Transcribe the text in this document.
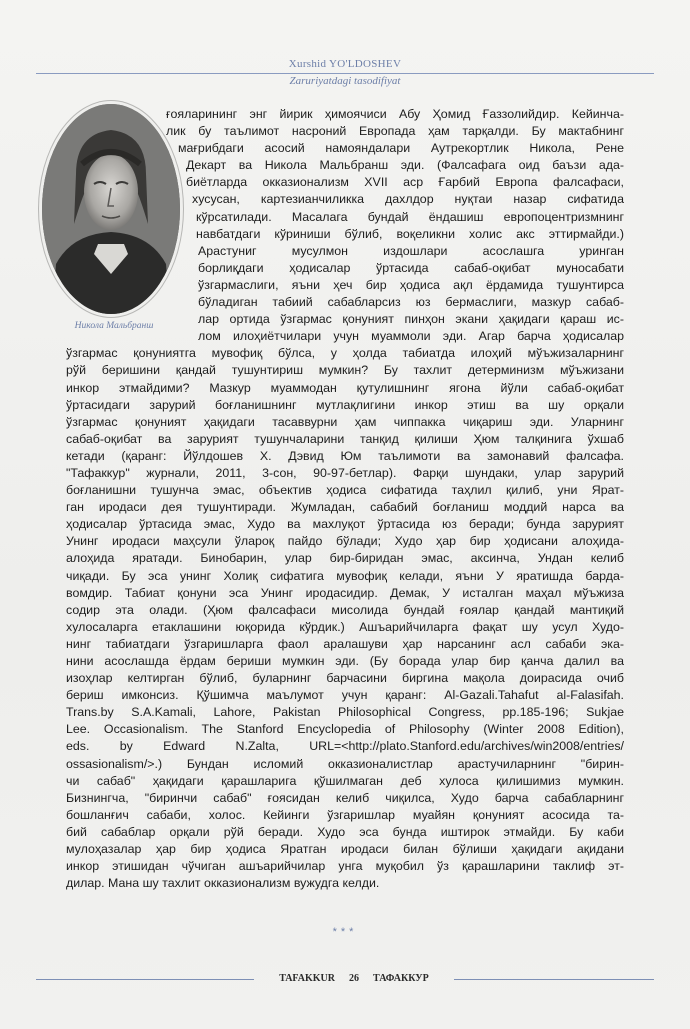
Xurshid YO'LDOSHEV
Zaruriyatdagi tasodifiyat
Никола Мальбранш
ғояларининг энг йирик ҳимоячиси Абу Ҳомид Ғаззолийдир. Кейинча-
лик бу таълимот насроний Европада ҳам тарқалди. Бу мактабнинг
мағрибдаги асосий намояндалари Аутрекортлик Никола, Рене
Декарт ва Никола Мальбранш эди. (Фалсафага оид баъзи ада-
биётларда окказионализм XVII аср Ғарбий Европа фалсафаси,
хусусан, картезианчиликка дахлдор нуқтаи назар сифатида
кўрсатилади. Масалага бундай ёндашиш европоцентризмнинг
навбатдаги кўриниши бўлиб, воқеликни холис акс эттирмайди.)
Арастуниг мусулмон издошлари асослашга уринган
борлиқдаги ҳодисалар ўртасида сабаб-оқибат муносабати
ўзгармаслиги, яъни ҳеч бир ҳодиса ақл ёрдамида тушунтирса
бўладиган табиий сабабларсиз юз бермаслиги, мазкур сабаб-
лар ортида ўзгармас қонуният пинҳон экани ҳақидаги қараш ис-
лом илоҳиётчилари учун муаммоли эди. Агар барча ҳодисалар
ўзгармас қонуниятга мувофиқ бўлса, у ҳолда табиатда илоҳий мўъжизаларнинг
рўй беришини қандай тушунтириш мумкин? Бу тахлит детерминизм мўъжизани
инкор этмайдими? Мазкур муаммодан қутулишнинг ягона йўли сабаб-оқибат
ўртасидаги зарурий боғланишнинг мутлақлигини инкор этиш ва шу орқали
ўзгармас қонуният ҳақидаги тасаввурни ҳам чиппакка чиқариш эди. Уларнинг
сабаб-оқибат ва зарурият тушунчаларини танқид қилиши Ҳюм талқинига ўхшаб
кетади (қаранг: Йўлдошев Х. Дэвид Юм таълимоти ва замонавий фалсафа.
"Тафаккур" журнали, 2011, 3-сон, 90-97-бетлар). Фарқи шундаки, улар зарурий
боғланишни тушунча эмас, объектив ҳодиса сифатида таҳлил қилиб, уни Ярат-
ган иродаси дея тушунтиради. Жумладан, сабабий боғланиш моддий нарса ва
ҳодисалар ўртасида эмас, Худо ва махлуқот ўртасида юз беради; бунда зарурият
Унинг иродаси маҳсули ўлароқ пайдо бўлади; Худо ҳар бир ҳодисани алоҳида-
алоҳида яратади. Бинобарин, улар бир-биридан эмас, аксинча, Ундан келиб
чиқади. Бу эса унинг Холиқ сифатига мувофиқ келади, яъни У яратишда барда-
вомдир. Табиат қонуни эса Унинг иродасидир. Демак, У исталган маҳал мўъжиза
содир эта олади. (Ҳюм фалсафаси мисолида бундай ғоялар қандай мантиқий
хулосаларга етаклашини юқорида кўрдик.) Ашъарийчиларга фақат шу усул Худо-
нинг табиатдаги ўзгаришларга фаол аралашуви ҳар нарсанинг асл сабаби эка-
нини асослашда ёрдам бериши мумкин эди. (Бу борада улар бир қанча далил ва
изоҳлар келтирган бўлиб, буларнинг барчасини биргина мақола доирасида очиб
бериш имконсиз. Қўшимча маълумот учун қаранг: Al-Gazali.Tahafut al-Falasifah.
Trans.by S.A.Kamali, Lahore, Pakistan Philosophical Congress, pp.185-196; Sukjae
Lee. Occasionalism. The Stanford Encyclopedia of Philosophy (Winter 2008 Edition),
eds. by Edward N.Zalta, URL=<http://plato.Stanford.edu/archives/win2008/entries/
ossasionalism/>.) Бундан исломий окказионалистлар арастучиларнинг "бирин-
чи сабаб" ҳақидаги қарашларига қўшилмаган деб хулоса қилишимиз мумкин.
Бизнингча, "биринчи сабаб" ғоясидан келиб чиқилса, Худо барча сабабларнинг
бошланғич сабаби, холос. Кейинги ўзгаришлар муайян қонуният асосида та-
бий сабаблар орқали рўй беради. Худо эса бунда иштирок этмайди. Бу каби
мулоҳазалар ҳар бир ҳодиса Яратган иродаси билан бўлиши ҳақидаги ақидани
инкор этишидан чўчиган ашъарийчилар унга муқобил ўз қарашларини таклиф эт-
дилар. Мана шу тахлит окказионализм вужудга келди.
***
TAFAKKUR 26 ТАФАККУР
